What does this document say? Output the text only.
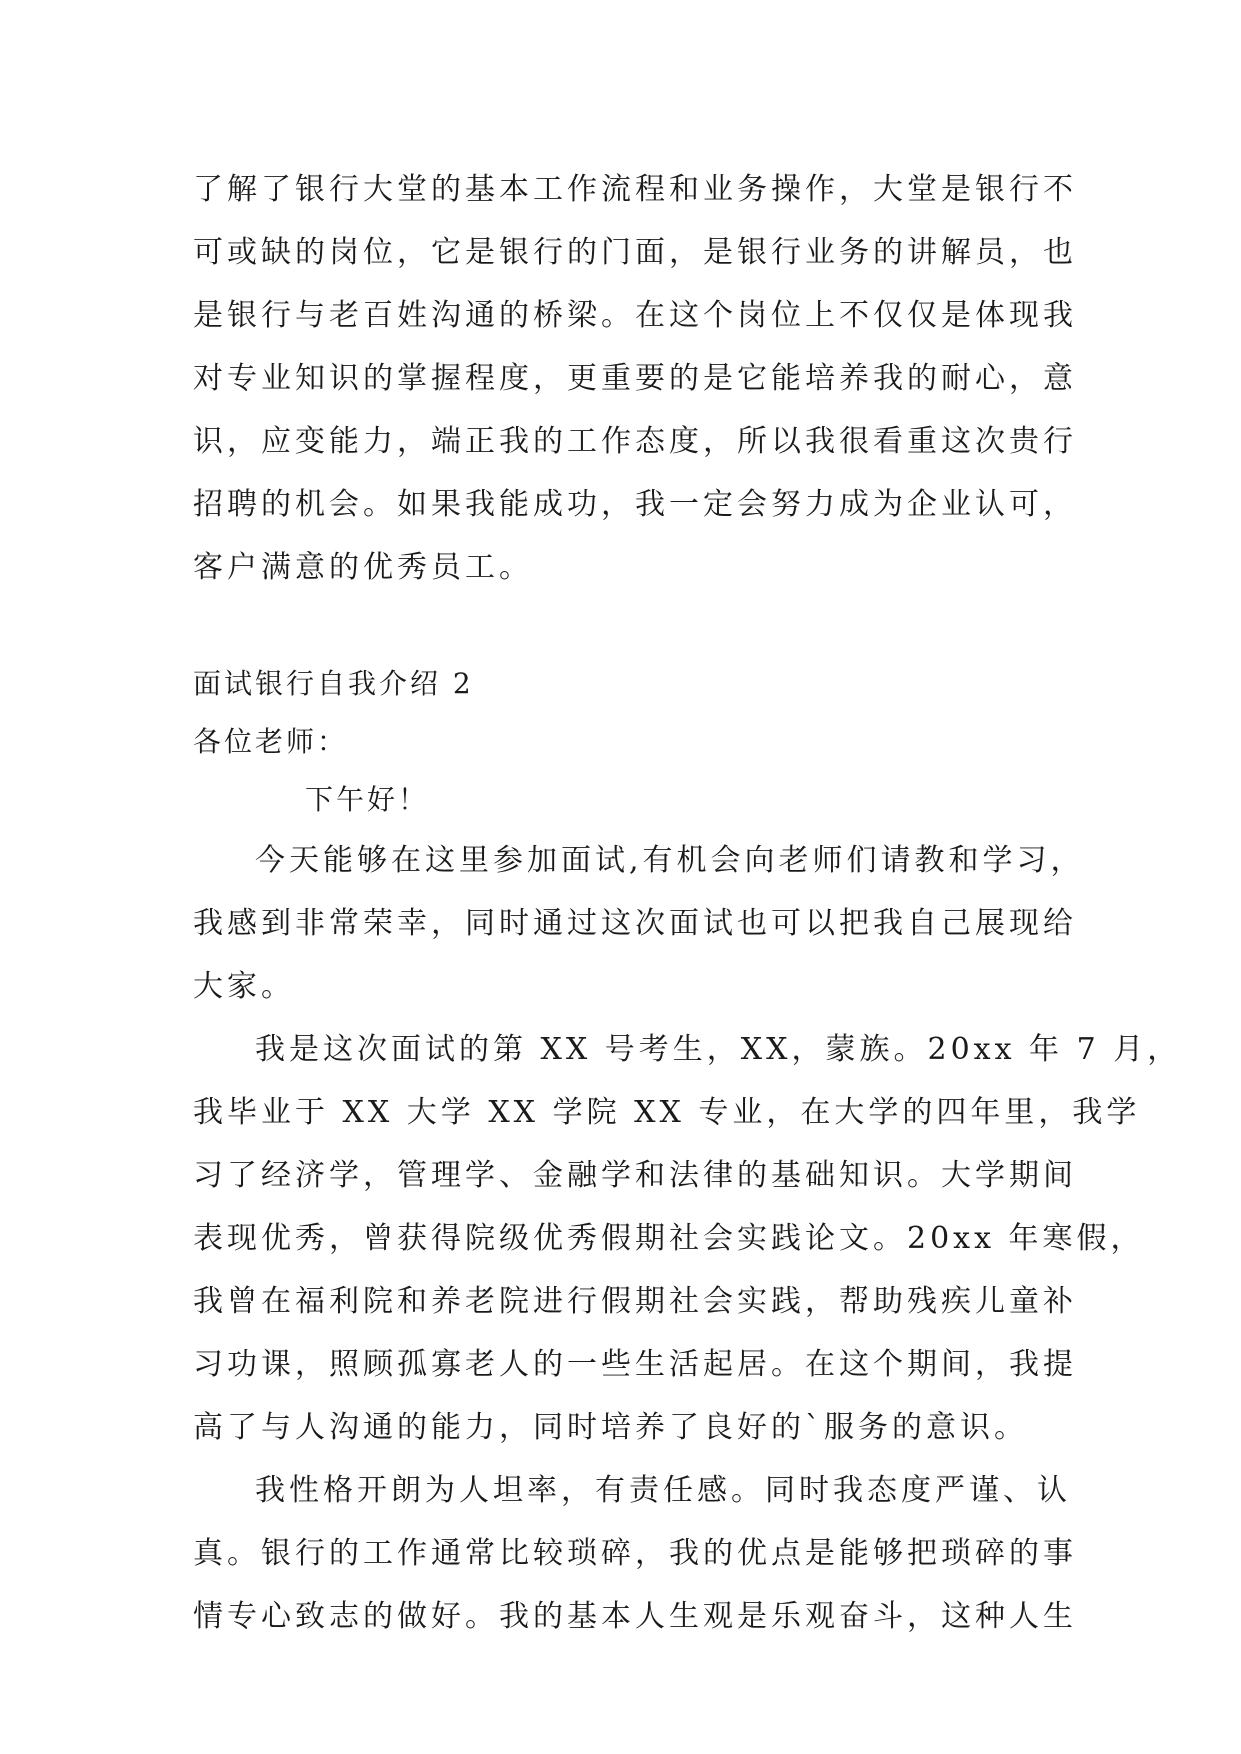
了解了银行大堂的基本工作流程和业务操作，大堂是银行不
可或缺的岗位，它是银行的门面，是银行业务的讲解员，也
是银行与老百姓沟通的桥梁。在这个岗位上不仅仅是体现我
对专业知识的掌握程度，更重要的是它能培养我的耐心，意
识，应变能力，端正我的工作态度，所以我很看重这次贵行
招聘的机会。如果我能成功，我一定会努力成为企业认可，
客户满意的优秀员工。
面试银行自我介绍 2
各位老师：
下午好！
今天能够在这里参加面试,有机会向老师们请教和学习，
我感到非常荣幸，同时通过这次面试也可以把我自己展现给
大家。
我是这次面试的第 XX 号考生，XX，蒙族。20xx 年 7 月，
我毕业于 XX 大学 XX 学院 XX 专业，在大学的四年里，我学
习了经济学，管理学、金融学和法律的基础知识。大学期间
表现优秀，曾获得院级优秀假期社会实践论文。20xx 年寒假，
我曾在福利院和养老院进行假期社会实践，帮助残疾儿童补
习功课，照顾孤寡老人的一些生活起居。在这个期间，我提
高了与人沟通的能力，同时培养了良好的`服务的意识。
我性格开朗为人坦率，有责任感。同时我态度严谨、认
真。银行的工作通常比较琐碎，我的优点是能够把琐碎的事
情专心致志的做好。我的基本人生观是乐观奋斗，这种人生
